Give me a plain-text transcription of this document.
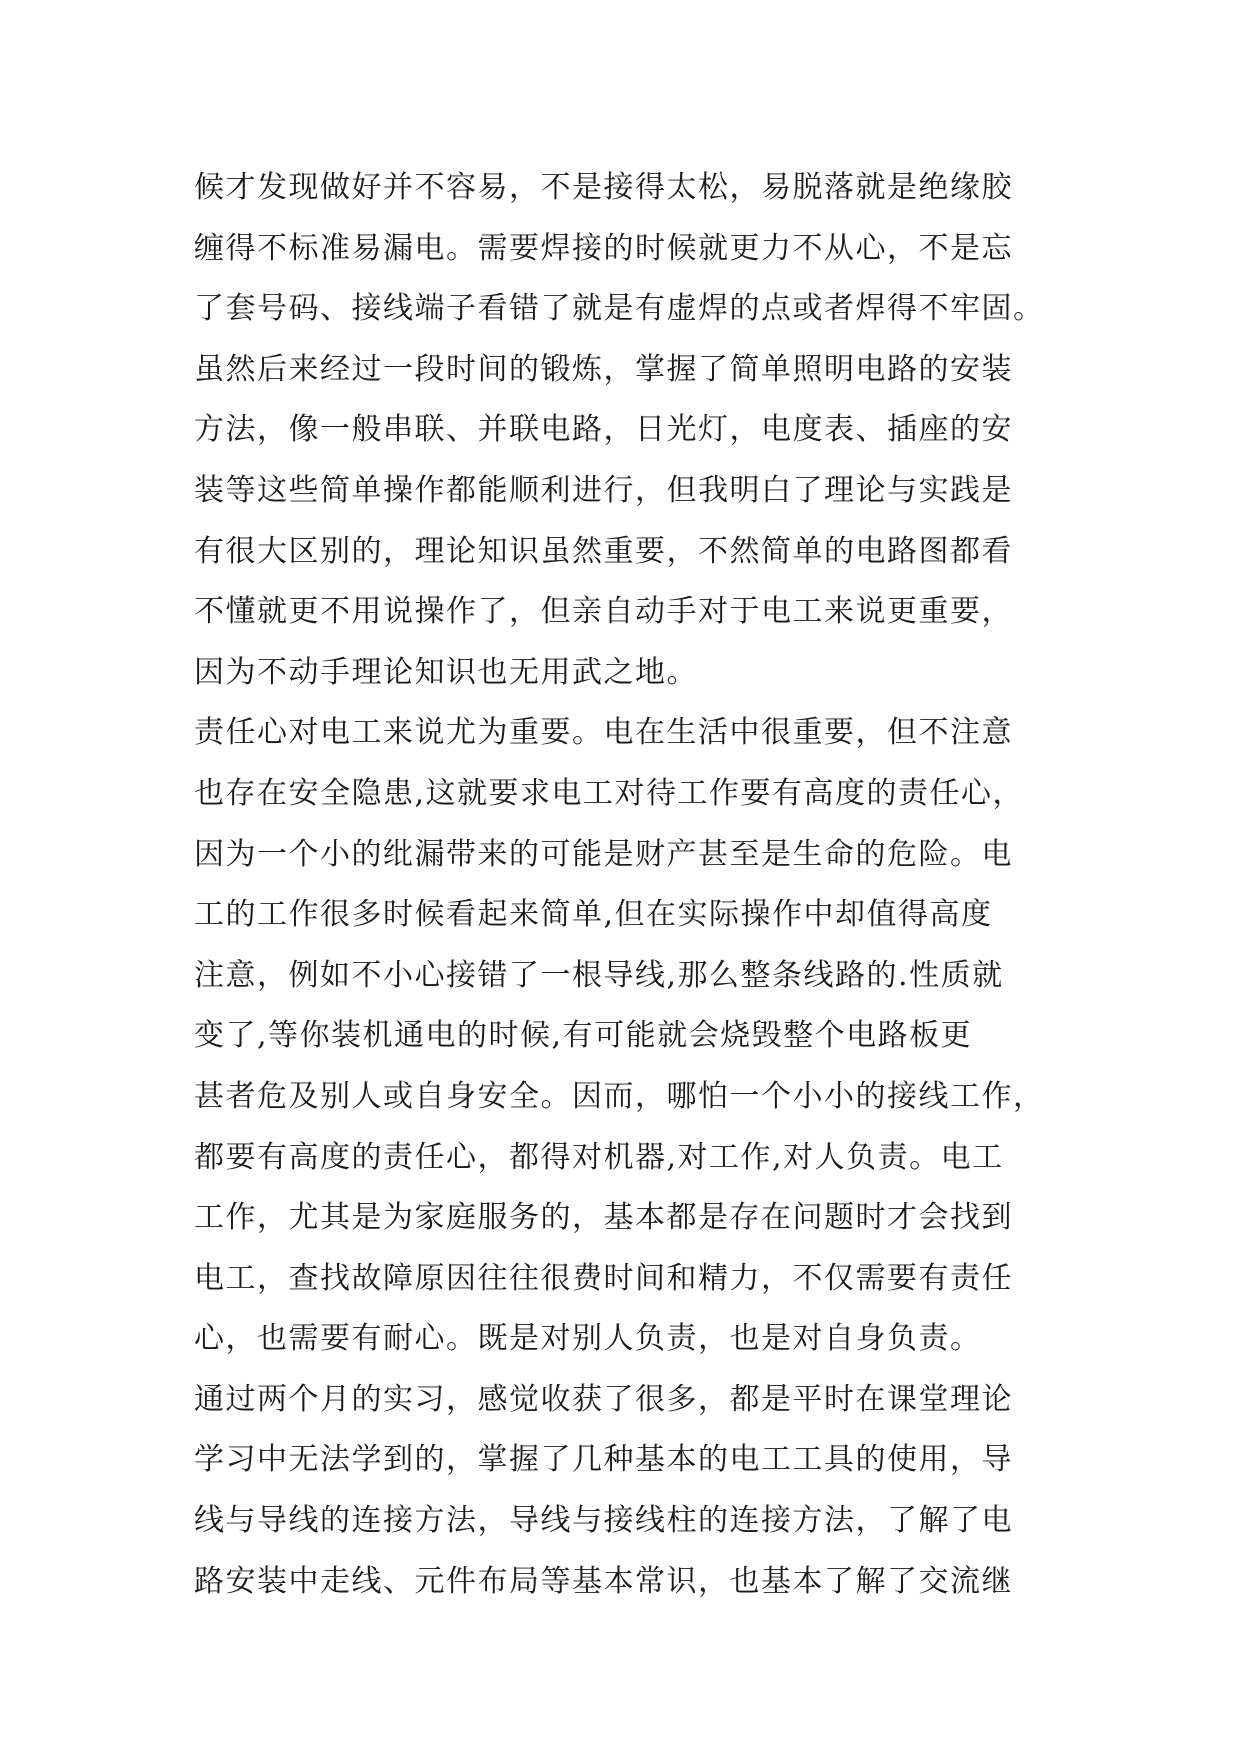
候才发现做好并不容易，不是接得太松，易脱落就是绝缘胶
缠得不标准易漏电。需要焊接的时候就更力不从心，不是忘
了套号码、接线端子看错了就是有虚焊的点或者焊得不牢固。
虽然后来经过一段时间的锻炼，掌握了简单照明电路的安装
方法，像一般串联、并联电路，日光灯，电度表、插座的安
装等这些简单操作都能顺利进行，但我明白了理论与实践是
有很大区别的，理论知识虽然重要，不然简单的电路图都看
不懂就更不用说操作了，但亲自动手对于电工来说更重要，
因为不动手理论知识也无用武之地。
责任心对电工来说尤为重要。电在生活中很重要，但不注意
也存在安全隐患,这就要求电工对待工作要有高度的责任心，
因为一个小的纰漏带来的可能是财产甚至是生命的危险。电
工的工作很多时候看起来简单,但在实际操作中却值得高度
注意，例如不小心接错了一根导线,那么整条线路的.性质就
变了,等你装机通电的时候,有可能就会烧毁整个电路板更
甚者危及别人或自身安全。因而，哪怕一个小小的接线工作，
都要有高度的责任心，都得对机器,对工作,对人负责。电工
工作，尤其是为家庭服务的，基本都是存在问题时才会找到
电工，查找故障原因往往很费时间和精力，不仅需要有责任
心，也需要有耐心。既是对别人负责，也是对自身负责。
通过两个月的实习，感觉收获了很多，都是平时在课堂理论
学习中无法学到的，掌握了几种基本的电工工具的使用，导
线与导线的连接方法，导线与接线柱的连接方法，了解了电
路安装中走线、元件布局等基本常识，也基本了解了交流继
